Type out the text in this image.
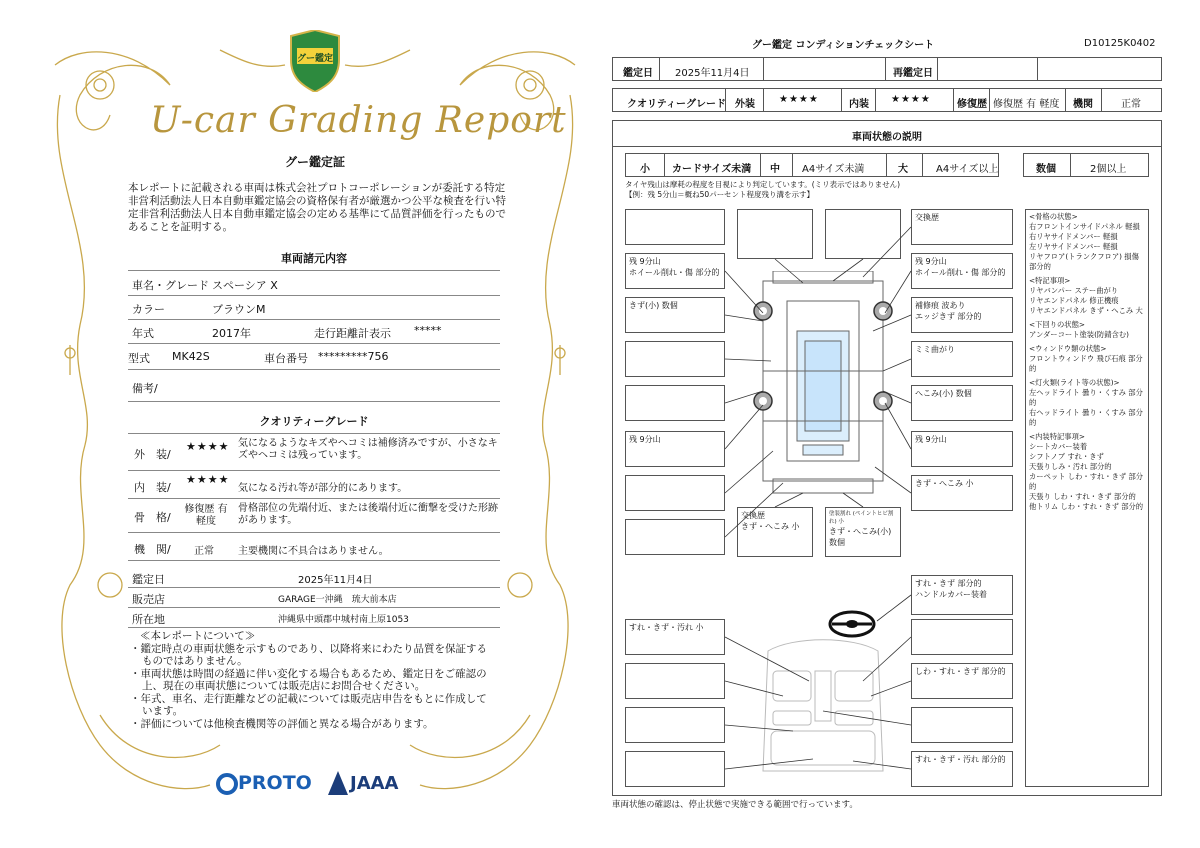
グー鑑定
U-car Grading Report
グー鑑定証
本レポートに記載される車両は株式会社プロトコーポレーションが委託する特定非営利活動法人日本自動車鑑定協会の資格保有者が厳選かつ公平な検査を行い特定非営利活動法人日本自動車鑑定協会の定める基準にて品質評価を行ったものであることを証明する。
車両諸元内容
車名・グレード スペーシア X
カラー	ブラウンM
年式	2017年	走行距離計表示 *****
型式 MK42S	車台番号 *********756
備考/
クオリティーグレード
外　装/
★★★★ 気になるようなキズやヘコミは補修済みですが、小さなキズやヘコミは残っています。
内　装/
★★★★
気になる汚れ等が部分的にあります。
骨　格/
修復歴 有 軽度
骨格部位の先端付近、または後端付近に衝撃を受けた形跡があります。
機　関/ 正常 主要機関に不具合はありません。
鑑定日	2025年11月4日
販売店	GARAGE一沖縄　琉大前本店
所在地	沖縄県中頭郡中城村南上原1053
≪本レポートについて≫
・鑑定時点の車両状態を示すものであり、以降将来にわたり品質を保証するものではありません。
・車両状態は時間の経過に伴い変化する場合もあるため、鑑定日をご確認の上、現在の車両状態については販売店にお問合せください。
・年式、車名、走行距離などの記載については販売店申告をもとに作成しています。
・評価については他検査機関等の評価と異なる場合があります。
PROTO JAAA
グー鑑定 コンディションチェックシート	D10125K0402
鑑定日 2025年11月4日	再鑑定日
クオリティーグレード 外装 ★★★★	内装 ★★★★	修復歴 修復歴 有 軽度 機関	正常
車両状態の説明
小 カードサイズ未満 中 A4サイズ未満	大	A4サイズ以上	数個	2個以上
タイヤ残山は摩耗の程度を目視により判定しています。(ミリ表示ではありません)
【例：残 5分山＝概ね50パーセント程度残り溝を示す】
交換歴
残 9分山
ホイール削れ・傷 部分的
残 9分山
ホイール削れ・傷 部分的
きず(小) 数個	補修痕 波あり
エッジきず 部分的
ミミ曲がり
へこみ(小) 数個
残 9分山	残 9分山
きず・へこみ 小
交換歴
きず・へこみ 小
塗装割れ (ペイントヒビ割れ) 小
きず・へこみ(小) 数個
すれ・きず 部分的
ハンドルカバー装着
すれ・きず・汚れ 小
しわ・すれ・きず 部分的
すれ・きず・汚れ 部分的
<骨格の状態>
右フロントインサイドパネル 軽損
右リヤサイドメンバー 軽損
左リヤサイドメンバー 軽損
リヤフロア(トランクフロア) 損傷部分的

<特記事項>
リヤバンパー ステー曲がり
リヤエンドパネル 修正機痕
リヤエンドパネル きず・へこみ 大

<下回りの状態>
アンダーコート塗装(防錆含む)

<ウィンドウ類の状態>
フロントウィンドウ 飛び石痕 部分的

<灯火類(ライト等の状態)>
左ヘッドライト 曇り・くすみ 部分的
右ヘッドライト 曇り・くすみ 部分的

<内装特記事項>
シートカバー装着
シフトノブ すれ・きず
天張りしみ・汚れ 部分的
カーペット しわ・すれ・きず 部分的
天張り しわ・すれ・きず 部分的
他トリム しわ・すれ・きず 部分的
車両状態の確認は、停止状態で実施できる範囲で行っています。
